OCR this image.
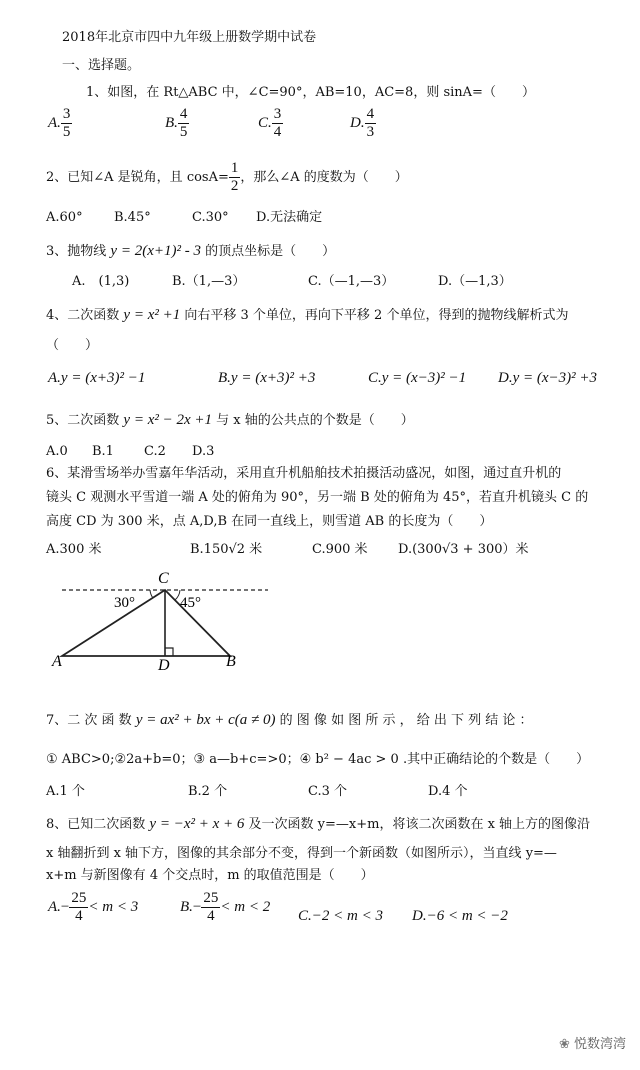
2018年北京市四中九年级上册数学期中试卷
一、选择题。
1、如图，在 Rt△ABC 中，∠C=90°，AB=10，AC=8，则 sinA=（　　）
A. $\frac{3}{5}$	B. $\frac{4}{5}$	C. $\frac{3}{4}$	D. $\frac{4}{3}$
2、已知∠A 是锐角，且 $\cos A= \frac{1}{2}$ ，那么∠A 的度数为（　　）
A.60° B.45°	C.30° D.无法确定
3、抛物线 y = 2(x+1)² - 3 的顶点坐标是（　　）
A.　(1,3)	B.（1,—3）	C.（—1,—3）	D.（—1,3）
4、二次函数 y = x² +1 向右平移 3 个单位，再向下平移 2 个单位，得到的抛物线解析式为
（　　）
A.y = (x+3)² −1	B.y = (x+3)² +3	C.y = (x−3)² −1 D.y = (x−3)² +3
5、二次函数 y = x² − 2x +1 与 x 轴的公共点的个数是（　　）
A.0 B.1 C.2 D.3
6、某滑雪场举办雪嘉年华活动，采用直升机船舶技术拍摄活动盛况，如图，通过直升机的
镜头 C 观测水平雪道一端 A 处的俯角为 90°，另一端 B 处的俯角为 45°，若直升机镜头 C 的
高度 CD 为 300 米，点 A,D,B 在同一直线上，则雪道 AB 的长度为（　　）
A.300 米	B.150√2 米	C.900 米 D.(300√3 + 300）米
C
A	D	B
30°	45°
7、二 次 函 数 y = ax² + bx + c(a ≠ 0) 的 图 像 如 图 所 示 ， 给 出 下 列 结 论 ：
① ABC>0;②2a+b=0；③ a—b+c=>0；④ b² − 4ac > 0 .其中正确结论的个数是（　　）
A.1 个	B.2 个	C.3 个	D.4 个
8、已知二次函数 y = −x² + x + 6 及一次函数 y=—x+m，将该二次函数在 x 轴上方的图像沿
x 轴翻折到 x 轴下方，图像的其余部分不变，得到一个新函数（如图所示），当直线 y=—
x+m 与新图像有 4 个交点时，m 的取值范围是（　　）
$A.- \frac{25}{4} < m < 3$	$B.- \frac{25}{4} < m < 2$
C.−2 < m < 3 D.−6 < m < −2
❀ 悦数湾湾
